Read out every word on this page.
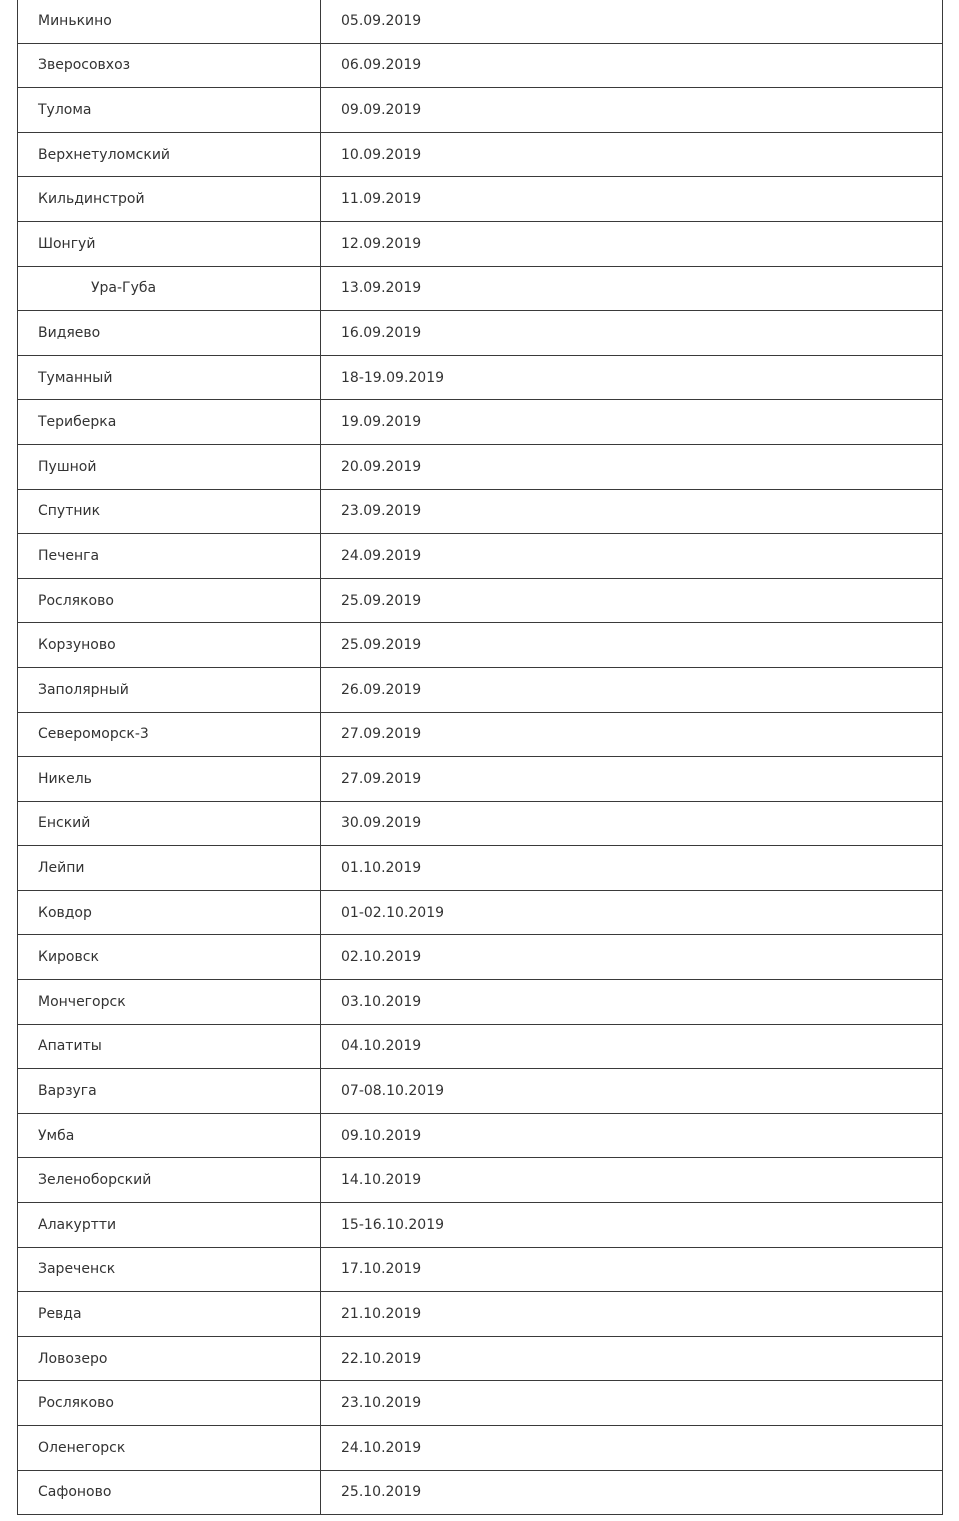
Минькино	05.09.2019
Зверосовхоз	06.09.2019
Тулома	09.09.2019
Верхнетуломский	10.09.2019
Кильдинстрой	11.09.2019
Шонгуй	12.09.2019
Ура-Губа	13.09.2019
Видяево	16.09.2019
Туманный	18-19.09.2019
Териберка	19.09.2019
Пушной	20.09.2019
Спутник	23.09.2019
Печенга	24.09.2019
Росляково	25.09.2019
Корзуново	25.09.2019
Заполярный	26.09.2019
Североморск-3	27.09.2019
Никель	27.09.2019
Енский	30.09.2019
Лейпи	01.10.2019
Ковдор	01-02.10.2019
Кировск	02.10.2019
Мончегорск	03.10.2019
Апатиты	04.10.2019
Варзуга	07-08.10.2019
Умба	09.10.2019
Зеленоборский	14.10.2019
Алакуртти	15-16.10.2019
Зареченск	17.10.2019
Ревда	21.10.2019
Ловозеро	22.10.2019
Росляково	23.10.2019
Оленегорск	24.10.2019
Сафоново	25.10.2019
